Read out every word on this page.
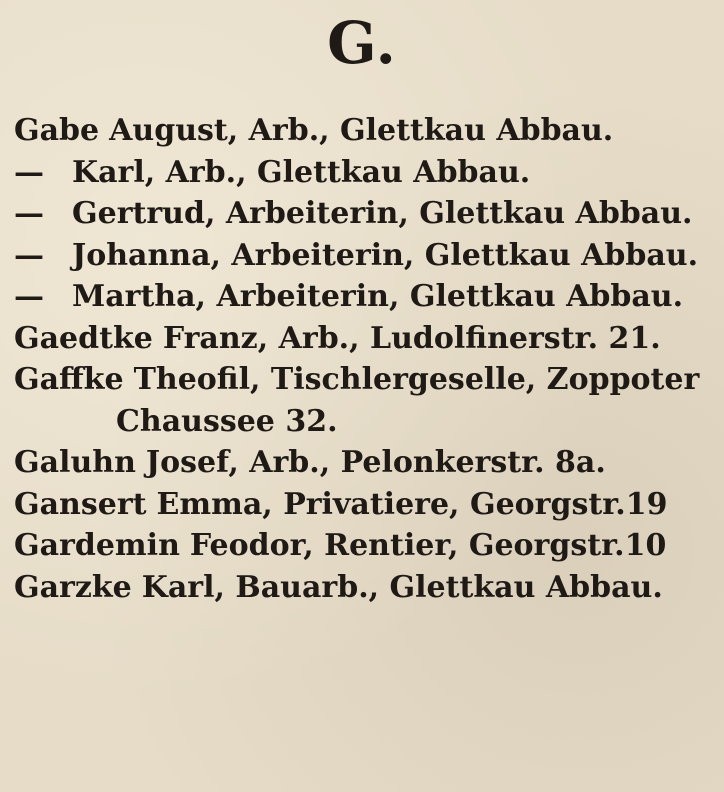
G.
Gabe August, Arb., Glettkau Abbau.
— Karl, Arb., Glettkau Abbau.
— Gertrud, Arbeiterin, Glettkau Abbau.
— Johanna, Arbeiterin, Glettkau Abbau.
— Martha, Arbeiterin, Glettkau Abbau.
Gaedtke Franz, Arb., Ludolfinerstr. 21.
Gaffke Theofil, Tischlergeselle, Zoppoter Chaussee 32.
Galuhn Josef, Arb., Pelonkerstr. 8a.
Gansert Emma, Privatiere, Georgstr.19
Gardemin Feodor, Rentier, Georgstr.10
Garzke Karl, Bauarb., Glettkau Abbau.
